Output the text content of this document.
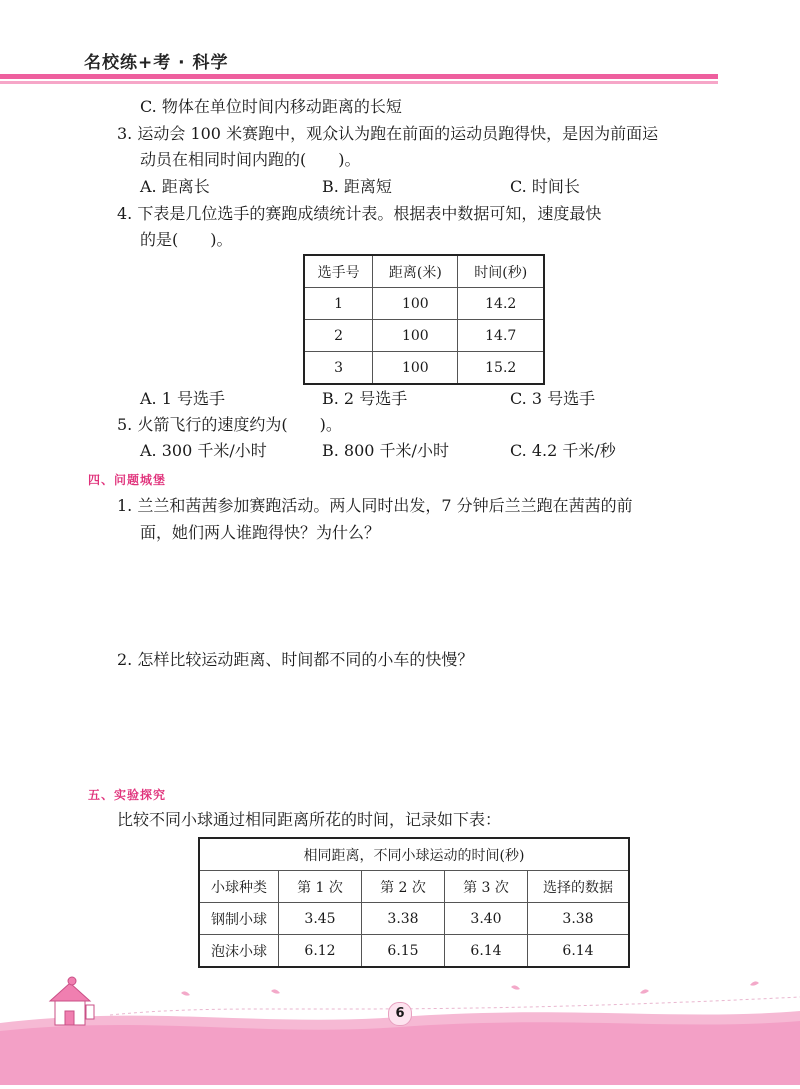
名校练+考 · 科学
C. 物体在单位时间内移动距离的长短
3. 运动会 100 米赛跑中，观众认为跑在前面的运动员跑得快，是因为前面运
动员在相同时间内跑的(　　)。
A. 距离长	B. 距离短	C. 时间长
4. 下表是几位选手的赛跑成绩统计表。根据表中数据可知，速度最快
的是(　　)。
选手号	距离(米)	时间(秒)
1	100	14.2
2	100	14.7
3	100	15.2
A. 1 号选手	B. 2 号选手	C. 3 号选手
5. 火箭飞行的速度约为(　　)。
A. 300 千米/小时	B. 800 千米/小时	C. 4.2 千米/秒
四、问题城堡
1. 兰兰和茜茜参加赛跑活动。两人同时出发，7 分钟后兰兰跑在茜茜的前
面，她们两人谁跑得快？为什么？
2. 怎样比较运动距离、时间都不同的小车的快慢？
五、实验探究
比较不同小球通过相同距离所花的时间，记录如下表：
相同距离，不同小球运动的时间(秒)				
小球种类	第 1 次	第 2 次	第 3 次	选择的数据
钢制小球	3.45	3.38	3.40	3.38
泡沫小球	6.12	6.15	6.14	6.14
6
